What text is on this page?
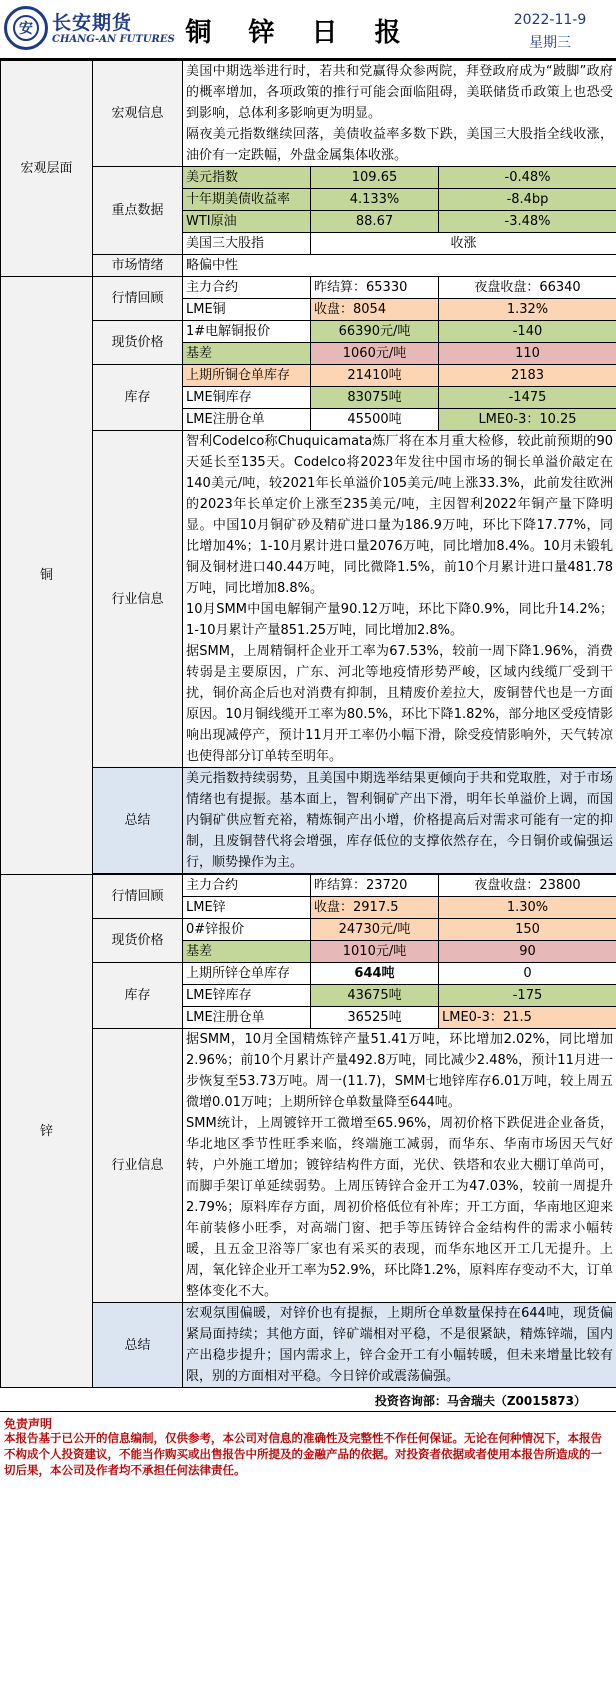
安	长安期货
CHANG-AN FUTURES 铜 锌 日 报	2022-11-9
星期三
宏观层面	宏观信息	美国中期选举进行时，若共和党赢得众参两院，拜登政府成为“跛脚”政府的概率增加，各项政策的推行可能会面临阻碍，美联储货币政策上也恐受到影响，总体利多影响更为明显。
隔夜美元指数继续回落，美债收益率多数下跌，美国三大股指全线收涨，油价有一定跌幅，外盘金属集体收涨。		

	重点数据	美元指数	109.65	-0.48%
		十年期美债收益率	4.133%	-8.4bp
		WTI原油	88.67	-3.48%
		美国三大股指	收涨	
	市场情绪	略偏中性		
铜	行情回顾	主力合约	昨结算：65330	夜盘收盘：66340
		LME铜	收盘：8054	1.32%
	现货价格	1#电解铜报价	66390元/吨	-140
		基差	1060元/吨	110
	库存	上期所铜仓单库存	21410吨	2183
		LME铜库存	83075吨	-1475
		LME注册仓单	45500吨	LME0-3：10.25
	行业信息	智利Codelco称Chuquicamata炼厂将在本月重大检修，较此前预期的90天延长至135天。Codelco将2023年发往中国市场的铜长单溢价敲定在140美元/吨，较2021年长单溢价105美元/吨上涨33.3%，此前发往欧洲的2023年长单定价上涨至235美元/吨，主因智利2022年铜产量下降明显。中国10月铜矿砂及精矿进口量为186.9万吨，环比下降17.77%，同比增加4%；1-10月累计进口量2076万吨，同比增加8.4%。10月未锻轧铜及铜材进口40.44万吨，同比微降1.5%，前10个月累计进口量481.78万吨，同比增加8.8%。
10月SMM中国电解铜产量90.12万吨，环比下降0.9%，同比升14.2%；1-10月累计产量851.25万吨，同比增加2.8%。
据SMM，上周精铜杆企业开工率为67.53%，较前一周下降1.96%，消费转弱是主要原因，广东、河北等地疫情形势严峻，区域内线缆厂受到干扰，铜价高企后也对消费有抑制，且精废价差拉大，废铜替代也是一方面原因。10月铜线缆开工率为80.5%，环比下降1.82%，部分地区受疫情影响出现减停产，预计11月开工率仍小幅下滑，除受疫情影响外，天气转凉也使得部分订单转至明年。		

	总结	美元指数持续弱势，且美国中期选举结果更倾向于共和党取胜，对于市场情绪也有提振。基本面上，智利铜矿产出下滑，明年长单溢价上调，而国内铜矿供应暂充裕，精炼铜产出小增，价格提高后对需求可能有一定的抑制，且废铜替代将会增强，库存低位的支撑依然存在，今日铜价或偏强运行，顺势操作为主。		

锌	行情回顾	主力合约	昨结算：23720	夜盘收盘：23800
		LME锌	收盘：2917.5	1.30%
	现货价格	0#锌报价	24730元/吨	150
		基差	1010元/吨	90
	库存	上期所锌仓单库存	644吨	0
		LME锌库存	43675吨	-175
		LME注册仓单	36525吨	LME0-3：21.5
	行业信息	据SMM，10月全国精炼锌产量51.41万吨，环比增加2.02%，同比增加2.96%；前10个月累计产量492.8万吨，同比减少2.48%，预计11月进一步恢复至53.73万吨。周一(11.7)，SMM七地锌库存6.01万吨，较上周五微增0.01万吨；上期所锌仓单数量降至644吨。
SMM统计，上周镀锌开工微增至65.96%，周初价格下跌促进企业备货，华北地区季节性旺季来临，终端施工减弱，而华东、华南市场因天气好转，户外施工增加；镀锌结构件方面，光伏、铁塔和农业大棚订单尚可，而脚手架订单延续弱势。上周压铸锌合金开工为47.03%，较前一周提升2.79%；原料库存方面，周初价格低位有补库；开工方面，华南地区迎来年前装修小旺季，对高端门窗、把手等压铸锌合金结构件的需求小幅转暖，且五金卫浴等厂家也有采买的表现，而华东地区开工几无提升。上周，氧化锌企业开工率为52.9%，环比降1.2%，原料库存变动不大，订单整体变化不大。		

	总结	宏观氛围偏暖，对锌价也有提振，上期所仓单数量保持在644吨，现货偏紧局面持续；其他方面，锌矿端相对平稳，不是很紧缺，精炼锌端，国内产出稳步提升；国内需求上，锌合金开工有小幅转暖，但未来增量比较有限，别的方面相对平稳。今日锌价或震荡偏强。		
投资咨询部：马舍瑞夫（Z0015873）
免责声明
本报告基于已公开的信息编制，仅供参考，本公司对信息的准确性及完整性不作任何保证。无论在何种情况下，本报告不构成个人投资建议，不能当作购买或出售报告中所提及的金融产品的依据。对投资者依据或者使用本报告所造成的一切后果，本公司及作者均不承担任何法律责任。
